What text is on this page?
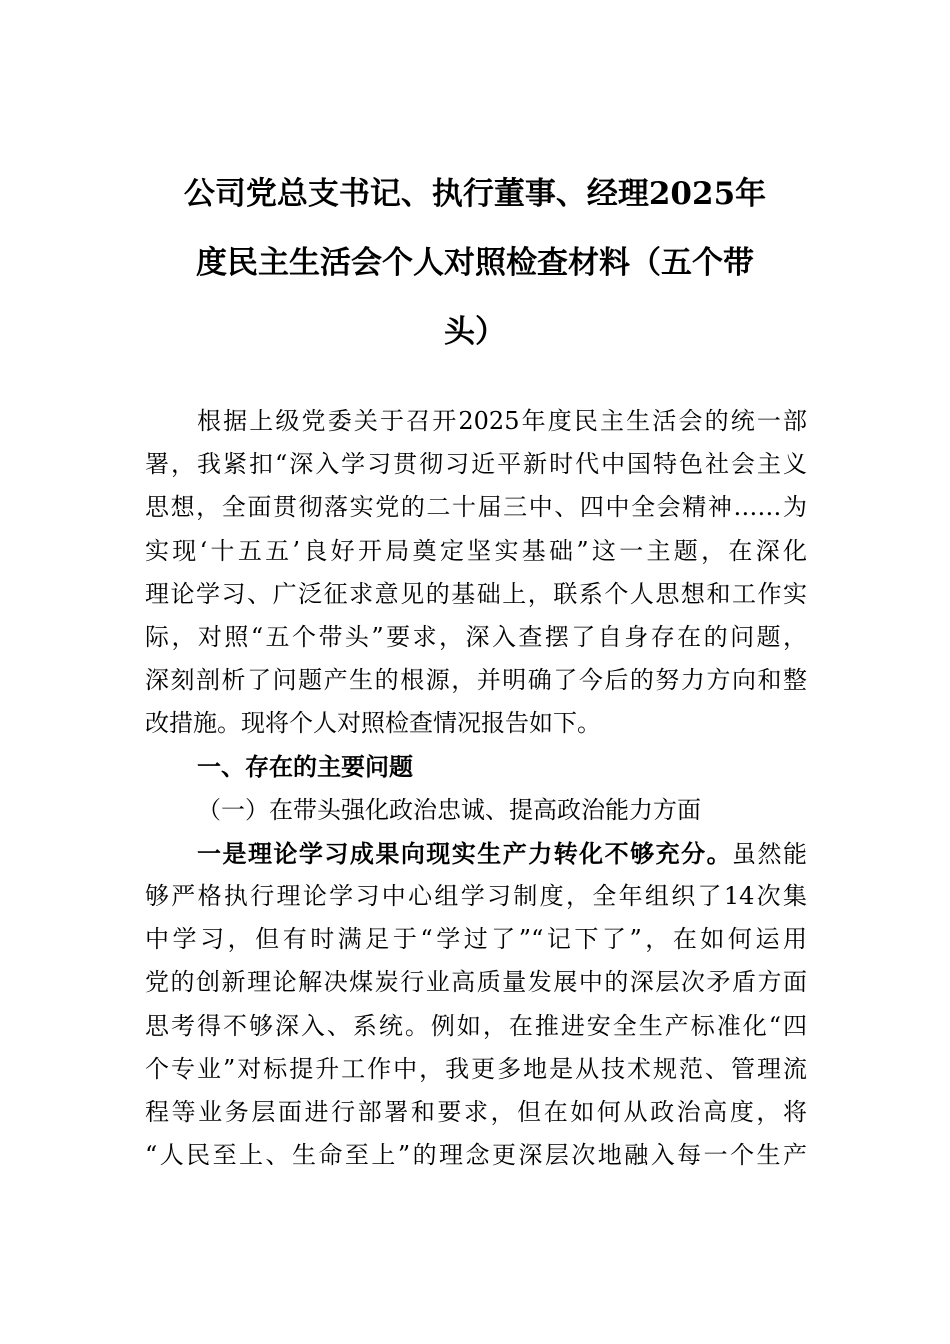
公司党总支书记、执行董事、经理2025年
度民主生活会个人对照检查材料（五个带
头）
根据上级党委关于召开2025年度民主生活会的统一部
署，我紧扣“深入学习贯彻习近平新时代中国特色社会主义
思想，全面贯彻落实党的二十届三中、四中全会精神……为
实现‘十五五’良好开局奠定坚实基础”这一主题，在深化
理论学习、广泛征求意见的基础上，联系个人思想和工作实
际，对照“五个带头”要求，深入查摆了自身存在的问题，
深刻剖析了问题产生的根源，并明确了今后的努力方向和整
改措施。现将个人对照检查情况报告如下。
一、存在的主要问题
（一）在带头强化政治忠诚、提高政治能力方面
一是理论学习成果向现实生产力转化不够充分。虽然能
够严格执行理论学习中心组学习制度，全年组织了14次集
中学习，但有时满足于“学过了”“记下了”，在如何运用
党的创新理论解决煤炭行业高质量发展中的深层次矛盾方面
思考得不够深入、系统。例如，在推进安全生产标准化“四
个专业”对标提升工作中，我更多地是从技术规范、管理流
程等业务层面进行部署和要求，但在如何从政治高度，将
“人民至上、生命至上”的理念更深层次地融入每一个生产
